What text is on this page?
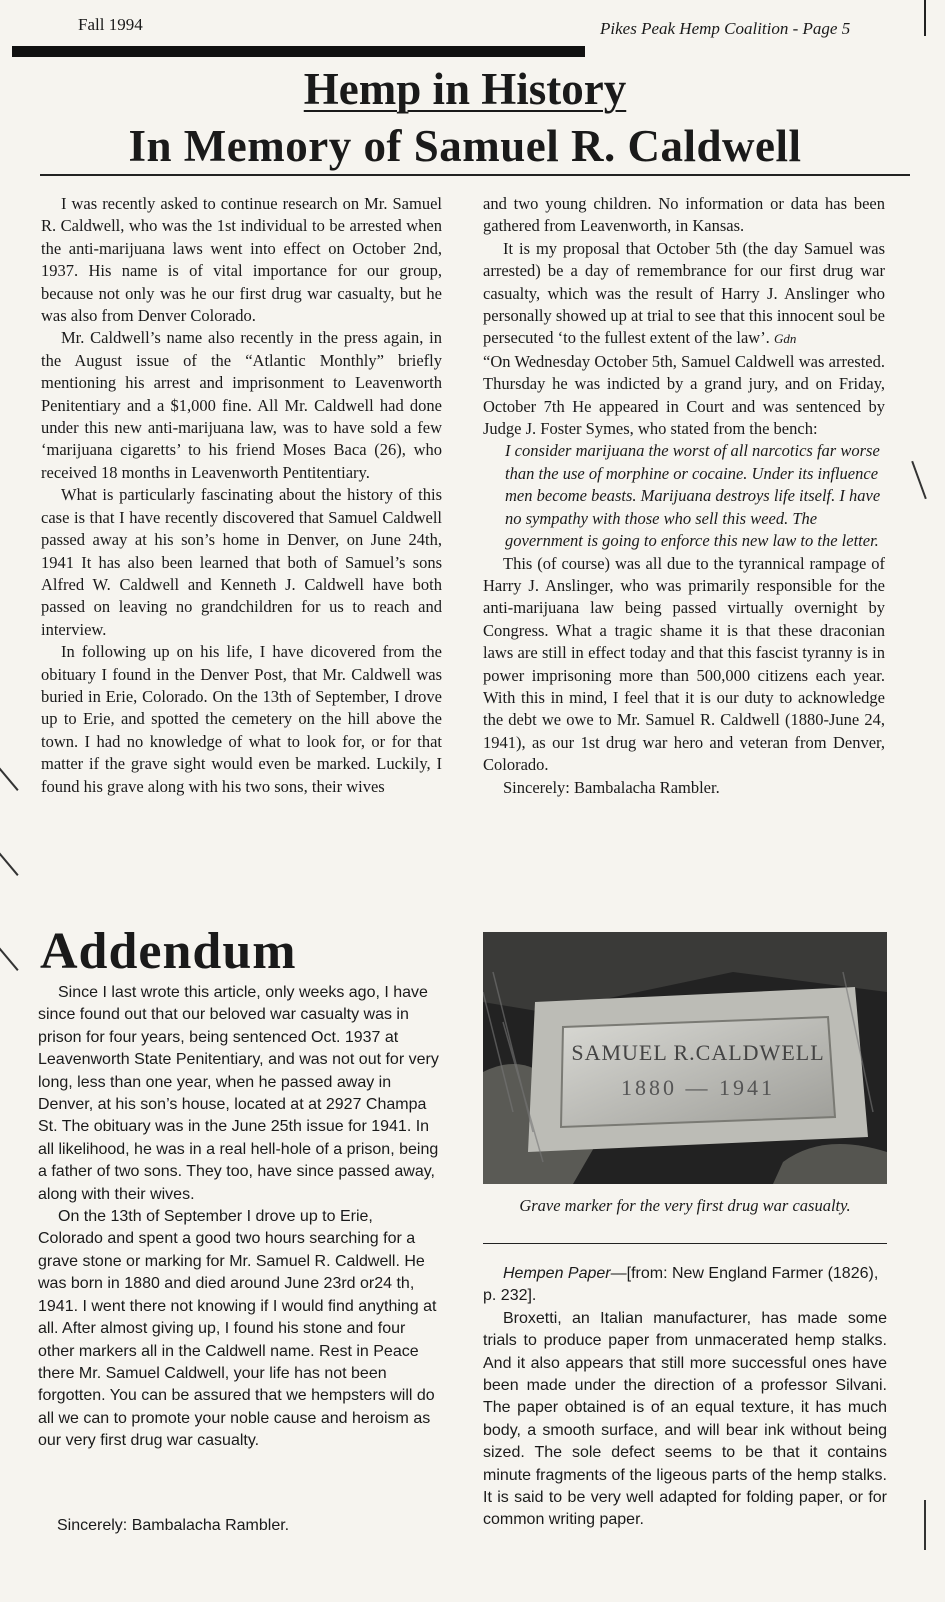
Fall 1994	Pikes Peak Hemp Coalition - Page 5
Hemp in History
In Memory of Samuel R. Caldwell

I was recently asked to continue research on Mr. Samuel R. Caldwell, who was the 1st individual to be arrested when the anti-marijuana laws went into effect on October 2nd, 1937. His name is of vital importance for our group, because not only was he our first drug war casualty, but he was also from Denver Colorado.

Mr. Caldwell’s name also recently in the press again, in the August issue of the “Atlantic Monthly” briefly mentioning his arrest and imprisonment to Leavenworth Penitentiary and a $1,000 fine. All Mr. Caldwell had done under this new anti-marijuana law, was to have sold a few ‘marijuana cigaretts’ to his friend Moses Baca (26), who received 18 months in Leavenworth Pentitentiary.

What is particularly fascinating about the history of this case is that I have recently discovered that Samuel Caldwell passed away at his son’s home in Denver, on June 24th, 1941 It has also been learned that both of Samuel’s sons Alfred W. Caldwell and Kenneth J. Caldwell have both passed on leaving no grandchildren for us to reach and interview.

In following up on his life, I have dicovered from the obituary I found in the Denver Post, that Mr. Caldwell was buried in Erie, Colorado. On the 13th of September, I drove up to Erie, and spotted the cemetery on the hill above the town. I had no knowledge of what to look for, or for that matter if the grave sight would even be marked. Luckily, I found his grave along with his two sons, their wives

and two young children. No information or data has been gathered from Leavenworth, in Kansas.

It is my proposal that October 5th (the day Samuel was arrested) be a day of remembrance for our first drug war casualty, which was the result of Harry J. Anslinger who personally showed up at trial to see that this innocent soul be persecuted ‘to the fullest extent of the law’. Gdn

“On Wednesday October 5th, Samuel Caldwell was arrested. Thursday he was indicted by a grand jury, and on Friday, October 7th He appeared in Court and was sentenced by Judge J. Foster Symes, who stated from the bench:

I consider marijuana the worst of all narcotics far worse than the use of morphine or cocaine. Under its influence men become beasts. Marijuana destroys life itself. I have no sympathy with those who sell this weed. The government is going to enforce this new law to the letter.

This (of course) was all due to the tyrannical rampage of Harry J. Anslinger, who was primarily responsible for the anti-marijuana law being passed virtually overnight by Congress. What a tragic shame it is that these draconian laws are still in effect today and that this fascist tyranny is in power imprisoning more than 500,000 citizens each year. With this in mind, I feel that it is our duty to acknowledge the debt we owe to Mr. Samuel R. Caldwell (1880-June 24, 1941), as our 1st drug war hero and veteran from Denver, Colorado.

Sincerely: Bambalacha Rambler.

Addendum

Since I last wrote this article, only weeks ago, I have since found out that our beloved war casualty was in prison for four years, being sentenced Oct. 1937 at Leavenworth State Penitentiary, and was not out for very long, less than one year, when he passed away in Denver, at his son’s house, located at at 2927 Champa St. The obituary was in the June 25th issue for 1941. In all likelihood, he was in a real hell-hole of a prison, being a father of two sons. They too, have since passed away, along with their wives.

On the 13th of September I drove up to Erie, Colorado and spent a good two hours searching for a grave stone or marking for Mr. Samuel R. Caldwell. He was born in 1880 and died around June 23rd or24 th, 1941. I went there not knowing if I would find anything at all. After almost giving up, I found his stone and four other markers all in the Caldwell name. Rest in Peace there Mr. Samuel Caldwell, your life has not been forgotten. You can be assured that we hempsters will do all we can to promote your noble cause and heroism as our very first drug war casualty.

Sincerely: Bambalacha Rambler.
SAMUEL R.CALDWELL
1880 — 1941
Grave marker for the very first drug war casualty.

Hempen Paper—[from: New England Farmer (1826), p. 232].

Broxetti, an Italian manufacturer, has made some trials to produce paper from unmacerated hemp stalks. And it also appears that still more successful ones have been made under the direction of a professor Silvani. The paper obtained is of an equal texture, it has much body, a smooth surface, and will bear ink without being sized. The sole defect seems to be that it contains minute fragments of the ligeous parts of the hemp stalks. It is said to be very well adapted for folding paper, or for common writing paper.
